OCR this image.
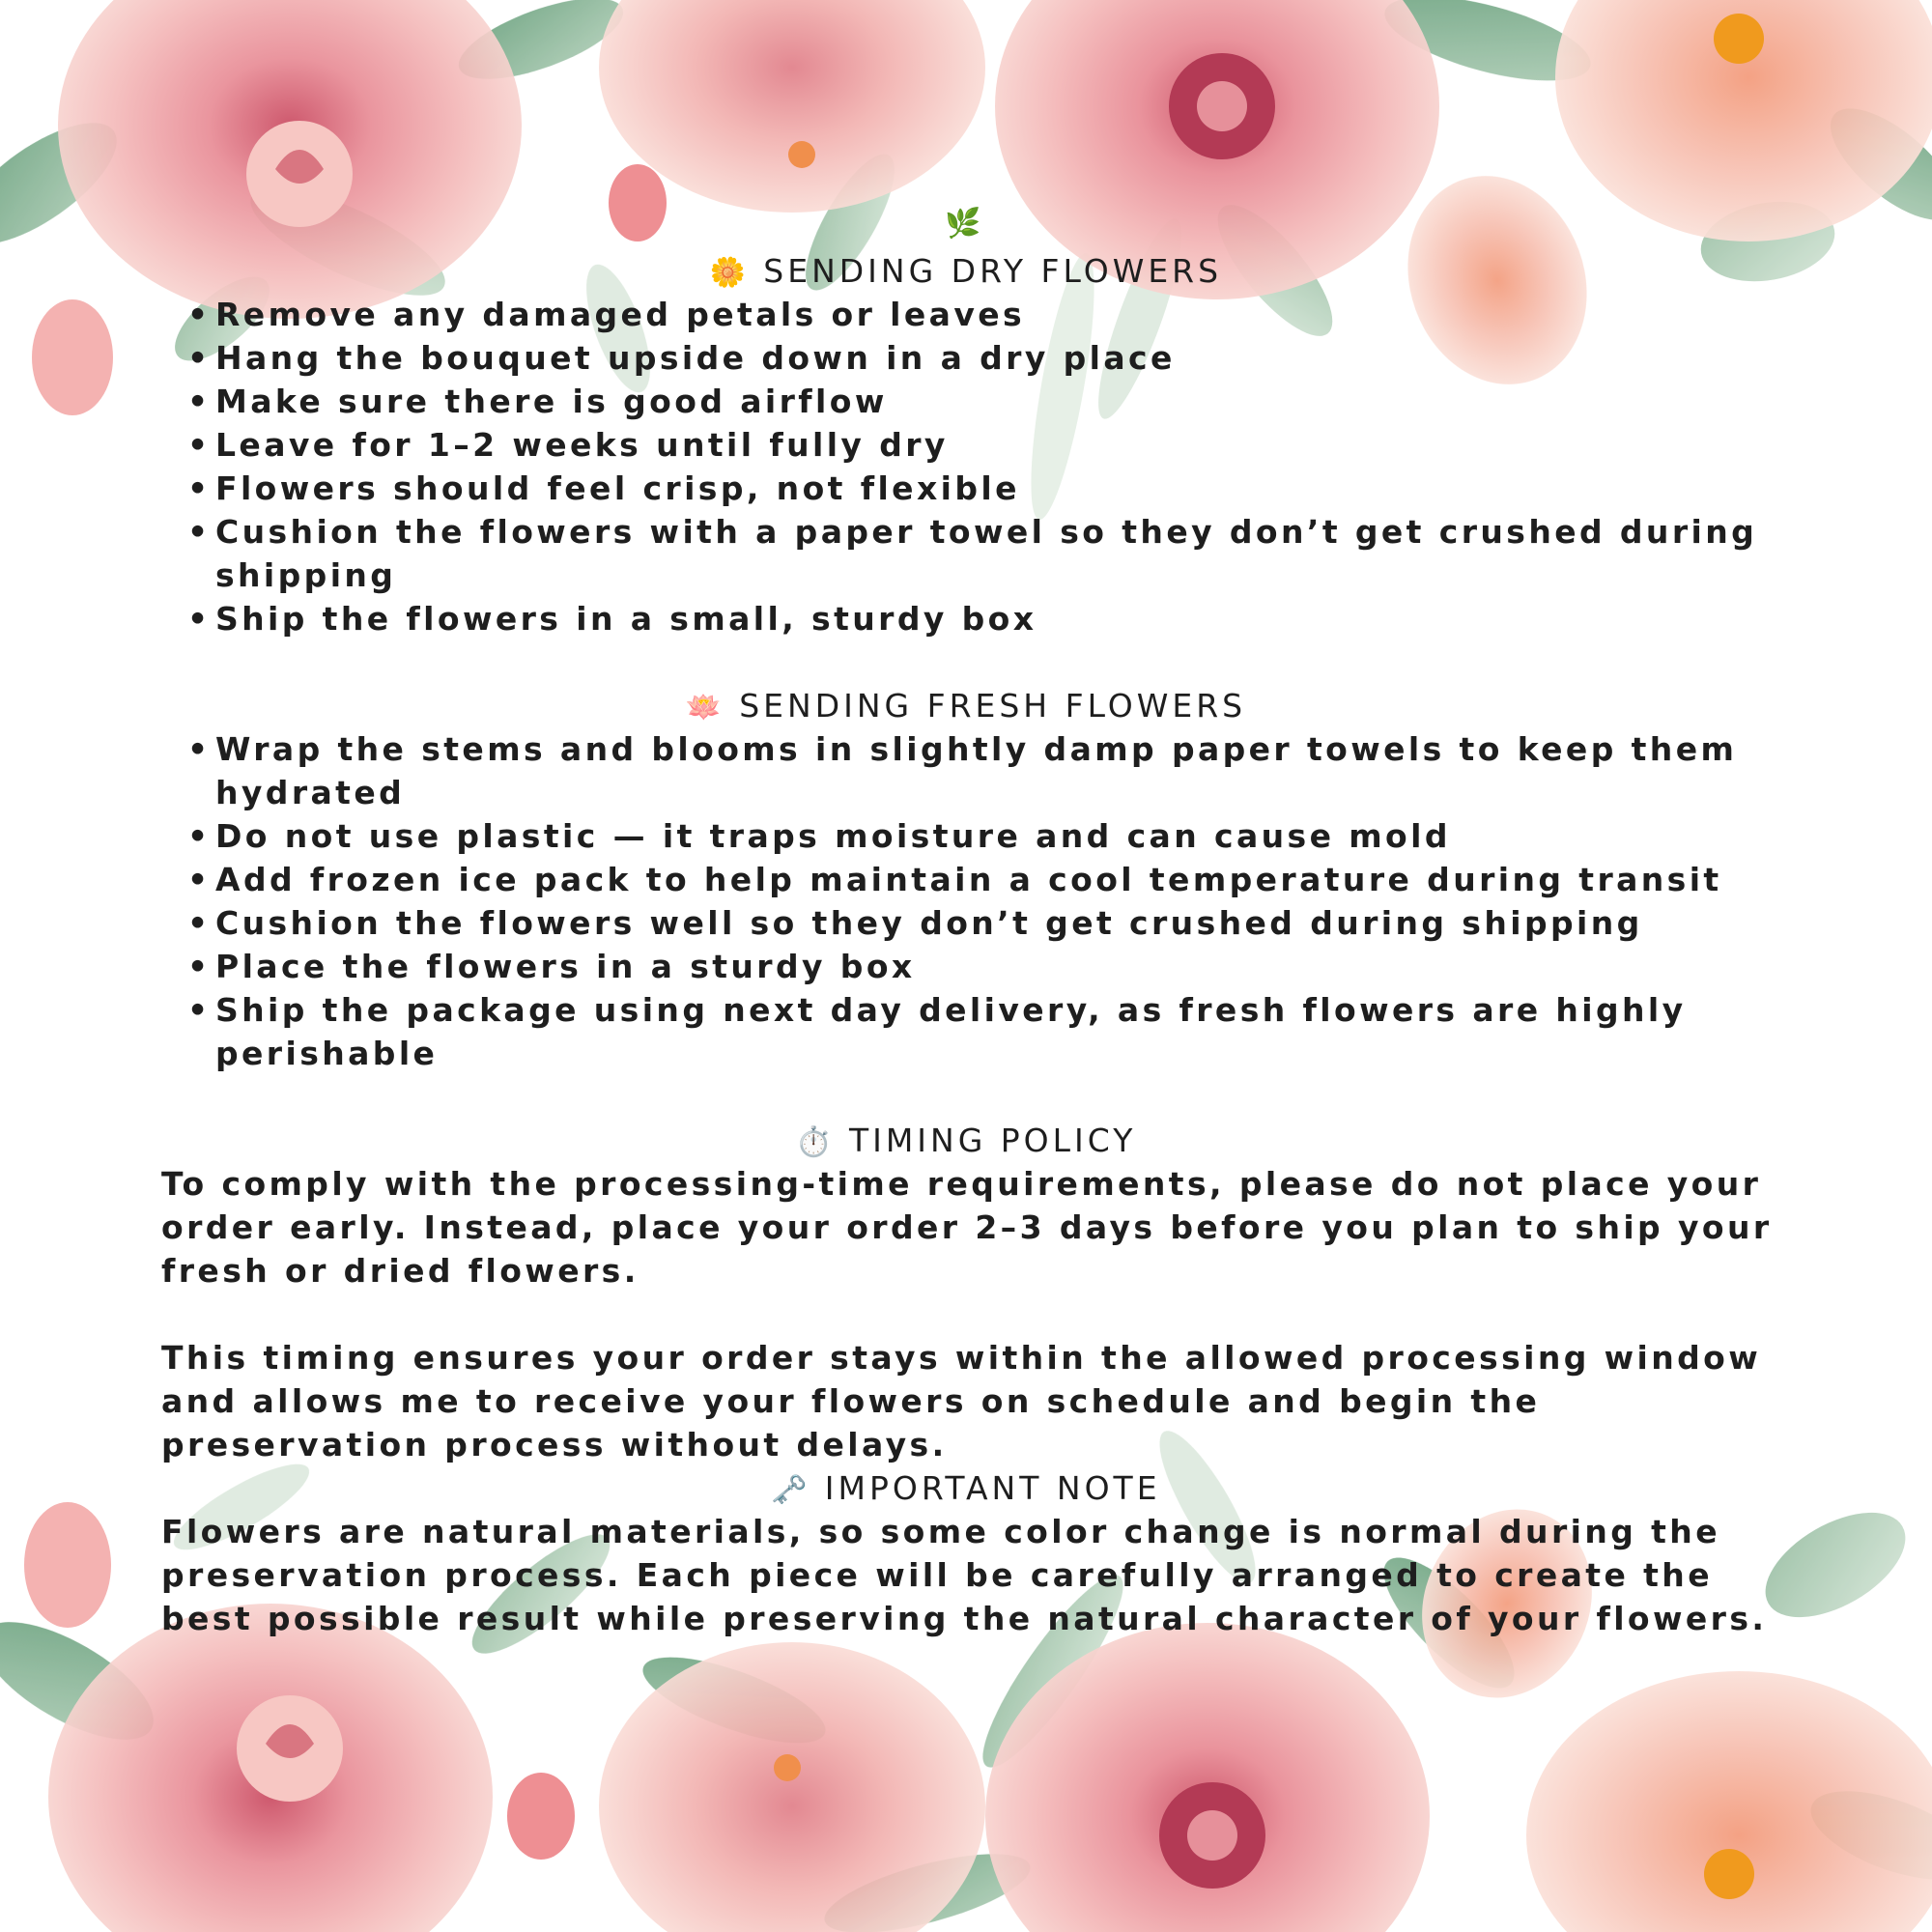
🌿
🌼 SENDING DRY FLOWERS
• Remove any damaged petals or leaves
• Hang the bouquet upside down in a dry place
• Make sure there is good airflow
• Leave for 1–2 weeks until fully dry
• Flowers should feel crisp, not flexible
• Cushion the flowers with a paper towel so they don’t get crushed during shipping
• Ship the flowers in a small, sturdy box
🪷 SENDING FRESH FLOWERS
• Wrap the stems and blooms in slightly damp paper towels to keep them hydrated
• Do not use plastic — it traps moisture and can cause mold
• Add frozen ice pack to help maintain a cool temperature during transit
• Cushion the flowers well so they don’t get crushed during shipping
• Place the flowers in a sturdy box
• Ship the package using next day delivery, as fresh flowers are highly perishable
⏱️ TIMING POLICY

To comply with the processing-time requirements, please do not place your order early. Instead, place your order 2–3 days before you plan to ship your fresh or dried flowers.

This timing ensures your order stays within the allowed processing window and allows me to receive your flowers on schedule and begin the preservation process without delays.

🗝️ IMPORTANT NOTE

Flowers are natural materials, so some color change is normal during the preservation process. Each piece will be carefully arranged to create the best possible result while preserving the natural character of your flowers.
